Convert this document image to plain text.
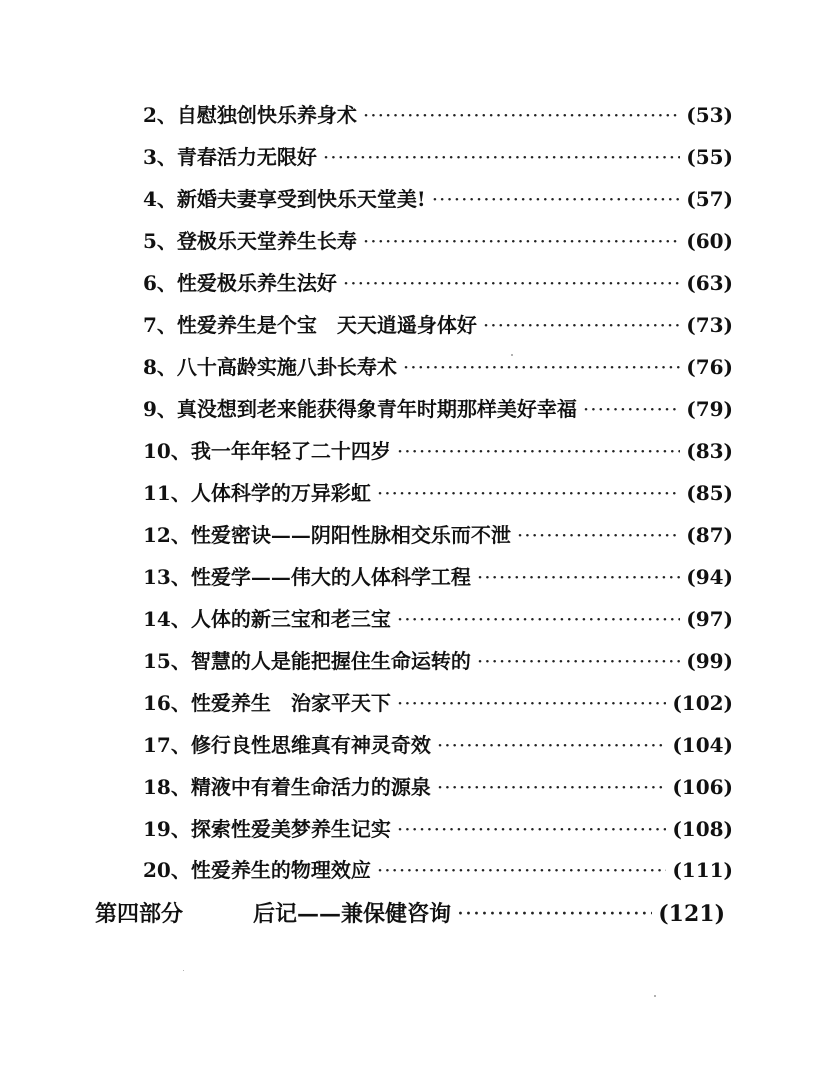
2、自慰独创快乐养身术 ·····	(53)
3、青春活力无限好 ·····	(55)
4、新婚夫妻享受到快乐天堂美! ·····	(57)
5、登极乐天堂养生长寿 ·····	(60)
6、性爱极乐养生法好 ·····	(63)
7、性爱养生是个宝　天天逍遥身体好 ·····	(73)
8、八十高龄实施八卦长寿术 ·····	(76)
9、真没想到老来能获得象青年时期那样美好幸福 ·····	(79)
10、我一年年轻了二十四岁 ·····	(83)
11、人体科学的万异彩虹 ·····	(85)
12、性爱密诀——阴阳性脉相交乐而不泄 ·····	(87)
13、性爱学——伟大的人体科学工程 ·····	(94)
14、人体的新三宝和老三宝 ·····	(97)
15、智慧的人是能把握住生命运转的 ·····	(99)
16、性爱养生　治家平天下 ·····	(102)
17、修行良性思维真有神灵奇效 ·····	(104)
18、精液中有着生命活力的源泉 ·····	(106)
19、探索性爱美梦养生记实 ·····	(108)
20、性爱养生的物理效应 ·····	(111)
第四部分	后记——兼保健咨询 ·····	(121)
